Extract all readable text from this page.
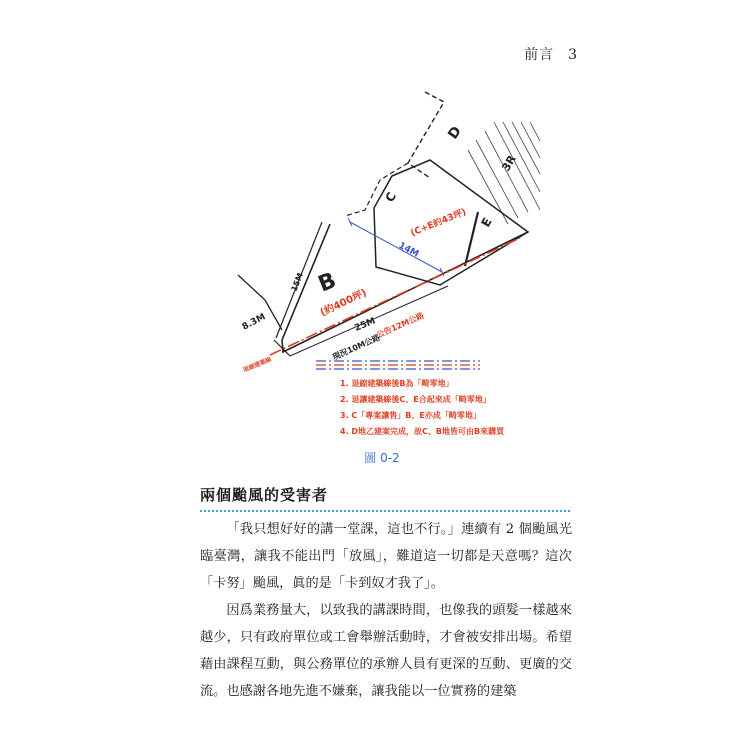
前言 3
B
(約400坪)
C
(C+E約43坪)
D
E
3R
14M
15M
8.3M	25M
公告12M公路
現況10M公路
退縮建築線
1. 退縮建築線後B為「畸零地」
2. 退讓建築線後C、E合起來成「畸零地」
3. C「專案讓售」B、E亦成「畸零地」
4. D地乙建案完成，故C、B地皆可由B來購買
圖 0-2
兩個颱風的受害者

「我只想好好的講一堂課，這也不行。」連續有 2 個颱風光臨臺灣，讓我不能出門「放風」，難道這一切都是天意嗎？這次「卡努」颱風，眞的是「卡到奴才我了」。

因爲業務量大，以致我的講課時間，也像我的頭髮一樣越來越少，只有政府單位或工會舉辦活動時，才會被安排出場。希望藉由課程互動，與公務單位的承辦人員有更深的互動、更廣的交流。也感謝各地先進不嫌棄，讓我能以一位實務的建築
